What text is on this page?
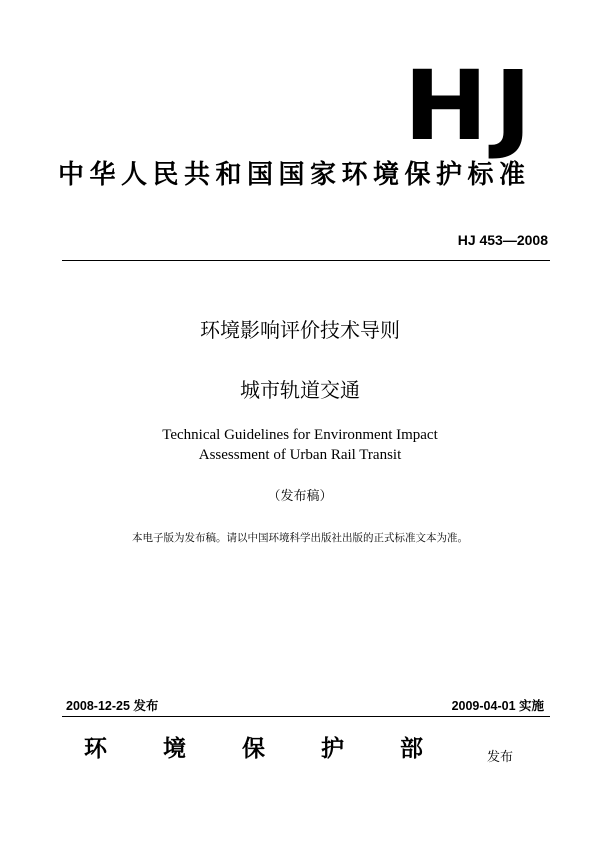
HJ
中华人民共和国国家环境保护标准
HJ 453—2008
环境影响评价技术导则
城市轨道交通
Technical Guidelines for Environment Impact
Assessment of Urban Rail Transit
（发布稿）
本电子版为发布稿。请以中国环境科学出版社出版的正式标准文本为准。
2008-12-25 发布	2009-04-01 实施
环境保护部 发布
